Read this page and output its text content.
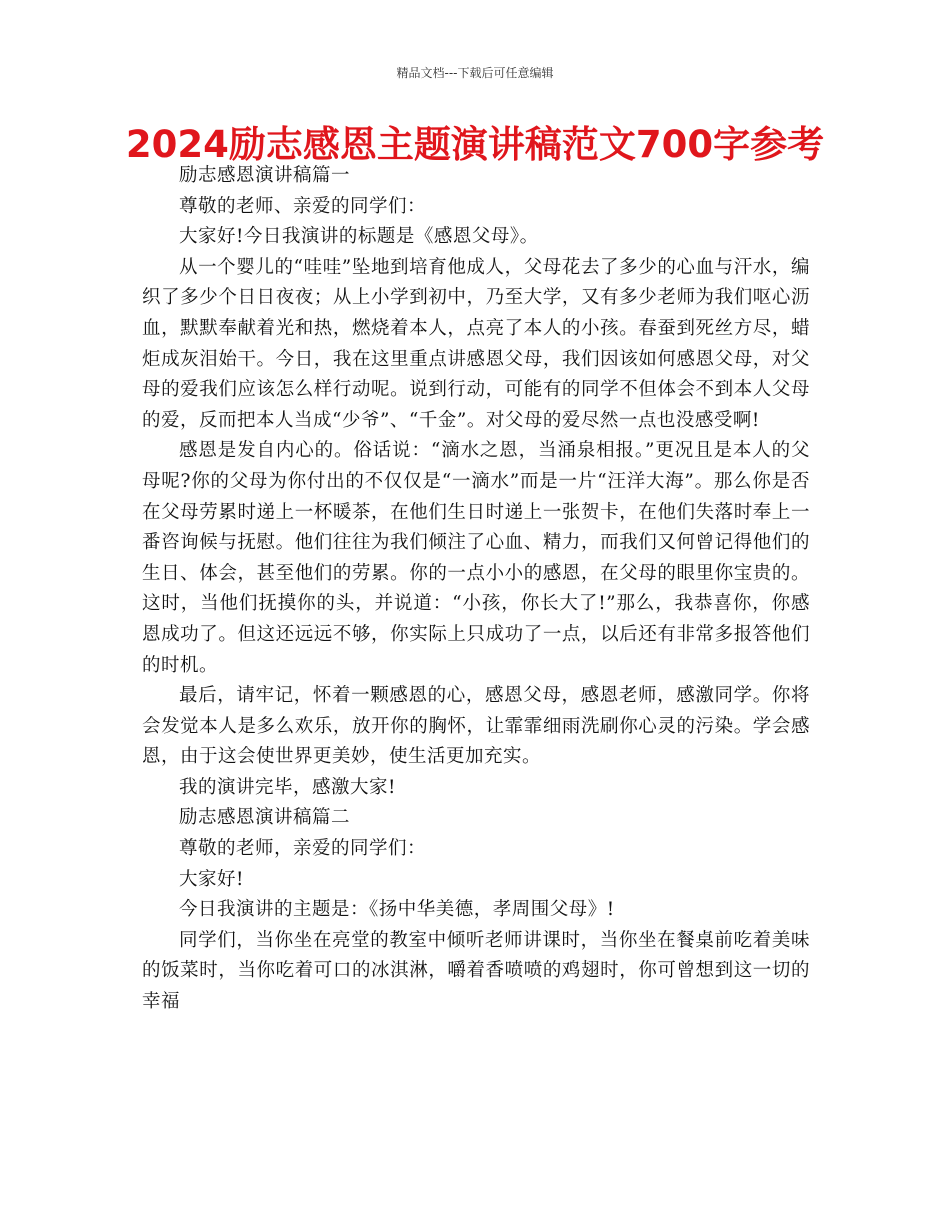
精品文档---下载后可任意编辑
2024励志感恩主题演讲稿范文700字参考

励志感恩演讲稿篇一

尊敬的老师、亲爱的同学们：

大家好!今日我演讲的标题是《感恩父母》。

从一个婴儿的“哇哇”坠地到培育他成人，父母花去了多少的心血与汗水，编织了多少个日日夜夜；从上小学到初中，乃至大学，又有多少老师为我们呕心沥血，默默奉献着光和热，燃烧着本人，点亮了本人的小孩。春蚕到死丝方尽，蜡炬成灰泪始干。今日，我在这里重点讲感恩父母，我们因该如何感恩父母，对父母的爱我们应该怎么样行动呢。说到行动，可能有的同学不但体会不到本人父母的爱，反而把本人当成“少爷”、“千金”。对父母的爱尽然一点也没感受啊!

感恩是发自内心的。俗话说：“滴水之恩，当涌泉相报。”更况且是本人的父母呢?你的父母为你付出的不仅仅是“一滴水”而是一片“汪洋大海”。那么你是否在父母劳累时递上一杯暖茶，在他们生日时递上一张贺卡，在他们失落时奉上一番咨询候与抚慰。他们往往为我们倾注了心血、精力，而我们又何曾记得他们的生日、体会，甚至他们的劳累。你的一点小小的感恩，在父母的眼里你宝贵的。这时，当他们抚摸你的头，并说道：“小孩，你长大了!”那么，我恭喜你，你感恩成功了。但这还远远不够，你实际上只成功了一点，以后还有非常多报答他们的时机。

最后，请牢记，怀着一颗感恩的心，感恩父母，感恩老师，感激同学。你将会发觉本人是多么欢乐，放开你的胸怀，让霏霏细雨洗刷你心灵的污染。学会感恩，由于这会使世界更美妙，使生活更加充实。

我的演讲完毕，感激大家!

励志感恩演讲稿篇二

尊敬的老师，亲爱的同学们：

大家好!

今日我演讲的主题是：《扬中华美德，孝周围父母》!

同学们，当你坐在亮堂的教室中倾听老师讲课时，当你坐在餐桌前吃着美味的饭菜时，当你吃着可口的冰淇淋，嚼着香喷喷的鸡翅时，你可曾想到这一切的幸福
